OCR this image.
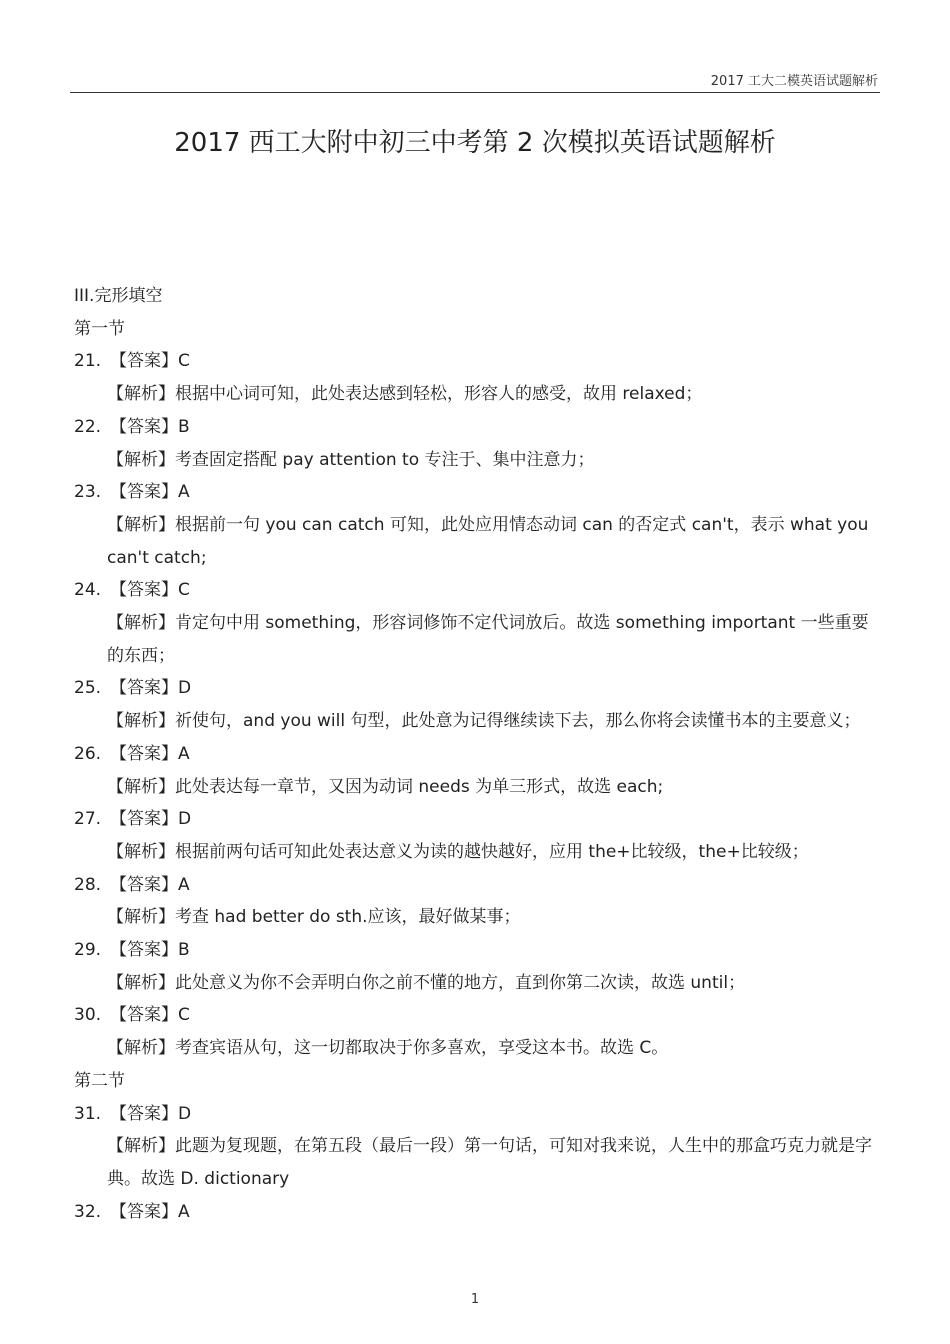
2017 工大二模英语试题解析
2017 西工大附中初三中考第 2 次模拟英语试题解析

III.完形填空

第一节

21. 【答案】C

【解析】根据中心词可知，此处表达感到轻松，形容人的感受，故用 relaxed；

22. 【答案】B

【解析】考查固定搭配 pay attention to 专注于、集中注意力；

23. 【答案】A

【解析】根据前一句 you can catch 可知，此处应用情态动词 can 的否定式 can't，表示 what you can't catch;

24. 【答案】C

【解析】肯定句中用 something，形容词修饰不定代词放后。故选 something important 一些重要的东西；

25. 【答案】D

【解析】祈使句，and you will 句型，此处意为记得继续读下去，那么你将会读懂书本的主要意义；

26. 【答案】A

【解析】此处表达每一章节，又因为动词 needs 为单三形式，故选 each;

27. 【答案】D

【解析】根据前两句话可知此处表达意义为读的越快越好，应用 the+比较级，the+比较级；

28. 【答案】A

【解析】考查 had better do sth.应该，最好做某事；

29. 【答案】B

【解析】此处意义为你不会弄明白你之前不懂的地方，直到你第二次读，故选 until；

30. 【答案】C

【解析】考查宾语从句，这一切都取决于你多喜欢，享受这本书。故选 C。

第二节

31. 【答案】D

【解析】此题为复现题，在第五段（最后一段）第一句话，可知对我来说，人生中的那盒巧克力就是字典。故选 D. dictionary

32. 【答案】A
1
